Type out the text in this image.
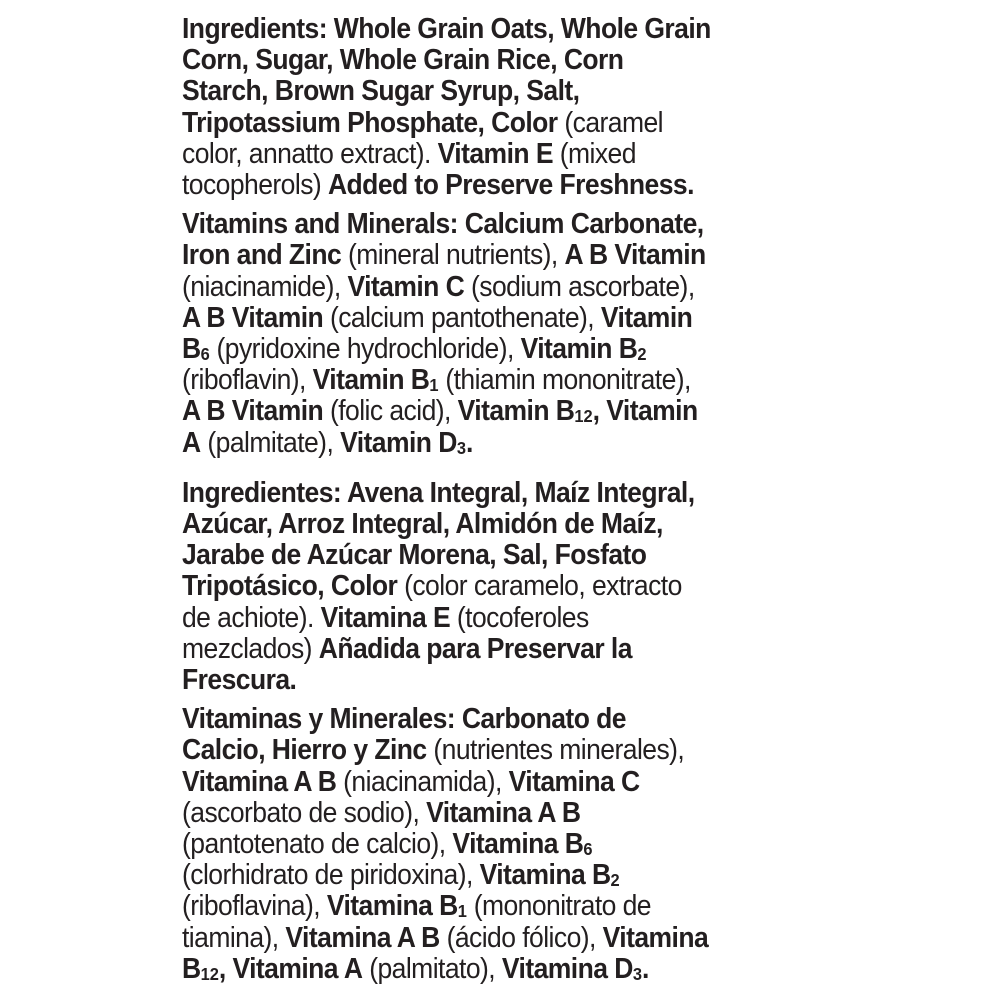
Ingredients: Whole Grain Oats, Whole Grain
Corn, Sugar, Whole Grain Rice, Corn
Starch, Brown Sugar Syrup, Salt,
Tripotassium Phosphate, Color (caramel
color, annatto extract). Vitamin E (mixed
tocopherols) Added to Preserve Freshness.

Vitamins and Minerals: Calcium Carbonate,
Iron and Zinc (mineral nutrients), A B Vitamin
(niacinamide), Vitamin C (sodium ascorbate),
A B Vitamin (calcium pantothenate), Vitamin
$B_6$ (pyridoxine hydrochloride), Vitamin $B_2$
(riboflavin), Vitamin $B_1$ (thiamin mononitrate),
A B Vitamin (folic acid), Vitamin $B_{12}$, Vitamin
A (palmitate), Vitamin $D_3$.

Ingredientes: Avena Integral, Maíz Integral,
Azúcar, Arroz Integral, Almidón de Maíz,
Jarabe de Azúcar Morena, Sal, Fosfato
Tripotásico, Color (color caramelo, extracto
de achiote). Vitamina E (tocoferoles
mezclados) Añadida para Preservar la
Frescura.

Vitaminas y Minerales: Carbonato de
Calcio, Hierro y Zinc (nutrientes minerales),
Vitamina A B (niacinamida), Vitamina C
(ascorbato de sodio), Vitamina A B
(pantotenato de calcio), Vitamina $B_6$
(clorhidrato de piridoxina), Vitamina $B_2$
(riboflavina), Vitamina $B_1$ (mononitrato de
tiamina), Vitamina A B (ácido fólico), Vitamina
$B_{12}$, Vitamina A (palmitato), Vitamina $D_3$.
